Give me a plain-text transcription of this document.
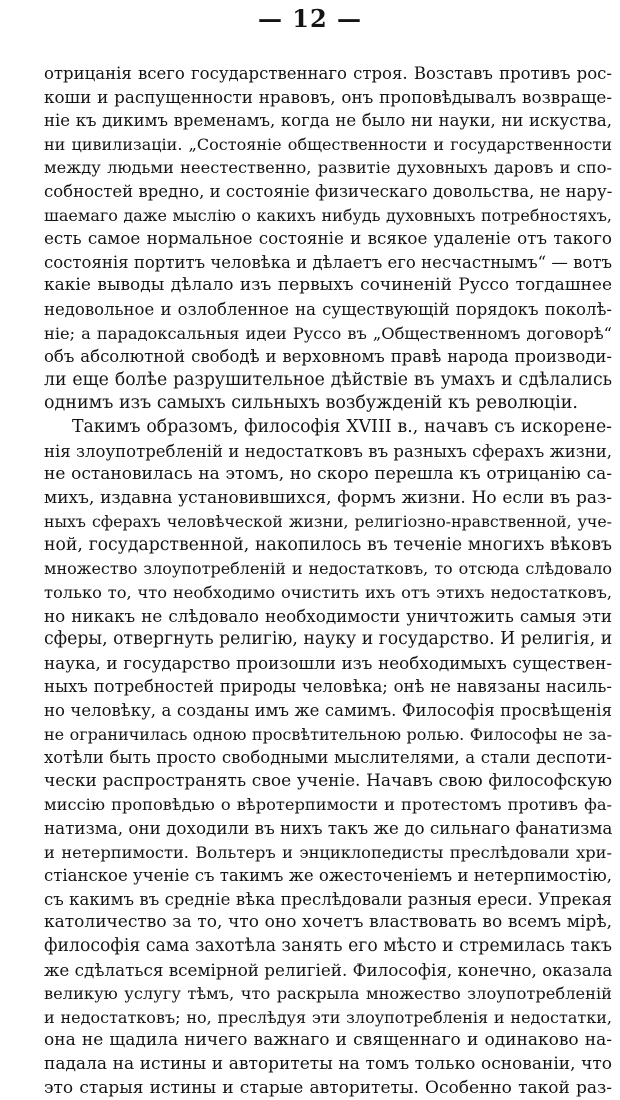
— 12 —
отрицанія всего государственнаго строя. Возставъ противъ рос-
коши и распущенности нравовъ, онъ проповѣдывалъ возвраще-
ніе къ дикимъ временамъ, когда не было ни науки, ни искуства,
ни цивилизаціи. „Состояніе общественности и государственности
между людьми неестественно, развитіе духовныхъ даровъ и спо-
собностей вредно, и состояніе физическаго довольства, не нару-
шаемаго даже мыслію о какихъ нибудь духовныхъ потребностяхъ,
есть самое нормальное состояніе и всякое удаленіе отъ такого
состоянія портитъ человѣка и дѣлаетъ его несчастнымъ“ — вотъ
какіе выводы дѣлало изъ первыхъ сочиненій Руссо тогдашнее
недовольное и озлобленное на существующій порядокъ поколѣ-
ніе; а парадоксальныя идеи Руссо въ „Общественномъ договорѣ“
объ абсолютной свободѣ и верховномъ правѣ народа производи-
ли еще болѣе разрушительное дѣйствіе въ умахъ и сдѣлались
однимъ изъ самыхъ сильныхъ возбужденій къ революціи.
Такимъ образомъ, философія XVIII в., начавъ съ искорене-
нія злоупотребленій и недостатковъ въ разныхъ сферахъ жизни,
не остановилась на этомъ, но скоро перешла къ отрицанію са-
михъ, издавна установившихся, формъ жизни. Но если въ раз-
ныхъ сферахъ человѣческой жизни, религіозно-нравственной, уче-
ной, государственной, накопилось въ теченіе многихъ вѣковъ
множество злоупотребленій и недостатковъ, то отсюда слѣдовало
только то, что необходимо очистить ихъ отъ этихъ недостатковъ,
но никакъ не слѣдовало необходимости уничтожить самыя эти
сферы, отвергнуть религію, науку и государство. И религія, и
наука, и государство произошли изъ необходимыхъ существен-
ныхъ потребностей природы человѣка; онѣ не навязаны насиль-
но человѣку, а созданы имъ же самимъ. Философія просвѣщенія
не ограничилась одною просвѣтительною ролью. Философы не за-
хотѣли быть просто свободными мыслителями, а стали деспоти-
чески распространять свое ученіе. Начавъ свою философскую
миссію проповѣдью о вѣротерпимости и протестомъ противъ фа-
натизма, они доходили въ нихъ такъ же до сильнаго фанатизма
и нетерпимости. Вольтеръ и энциклопедисты преслѣдовали хри-
стіанское ученіе съ такимъ же ожесточеніемъ и нетерпимостію,
съ какимъ въ средніе вѣка преслѣдовали разныя ереси. Упрекая
католичество за то, что оно хочетъ властвовать во всемъ мірѣ,
философія сама захотѣла занять его мѣсто и стремилась такъ
же сдѣлаться всемірной религіей. Философія, конечно, оказала
великую услугу тѣмъ, что раскрыла множество злоупотребленій
и недостатковъ; но, преслѣдуя эти злоупотребленія и недостатки,
она не щадила ничего важнаго и священнаго и одинаково на-
падала на истины и авторитеты на томъ только основаніи, что
это старыя истины и старые авторитеты. Особенно такой раз-
